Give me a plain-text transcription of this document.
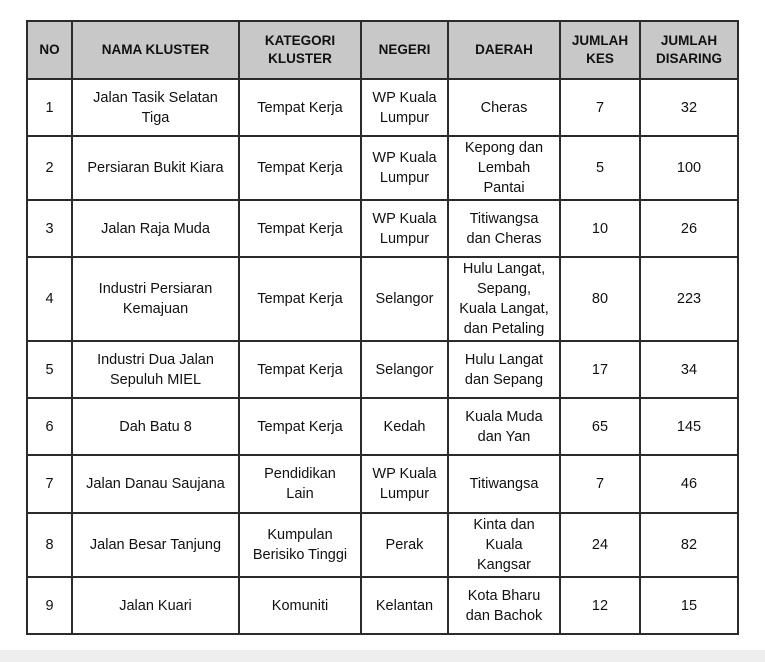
NO	NAMA KLUSTER	KATEGORI
KLUSTER	NEGERI	DAERAH	JUMLAH
KES	JUMLAH
DISARING
1	Jalan Tasik Selatan
Tiga	Tempat Kerja	WP Kuala
Lumpur	Cheras	7	32
2	Persiaran Bukit Kiara	Tempat Kerja	WP Kuala
Lumpur	Kepong dan
Lembah
Pantai	5	100
3	Jalan Raja Muda	Tempat Kerja	WP Kuala
Lumpur	Titiwangsa
dan Cheras	10	26
4	Industri Persiaran
Kemajuan	Tempat Kerja	Selangor	Hulu Langat,
Sepang,
Kuala Langat,
dan Petaling	80	223
5	Industri Dua Jalan
Sepuluh MIEL	Tempat Kerja	Selangor	Hulu Langat
dan Sepang	17	34
6	Dah Batu 8	Tempat Kerja	Kedah	Kuala Muda
dan Yan	65	145
7	Jalan Danau Saujana	Pendidikan
Lain	WP Kuala
Lumpur	Titiwangsa	7	46
8	Jalan Besar Tanjung	Kumpulan
Berisiko Tinggi	Perak	Kinta dan
Kuala
Kangsar	24	82
9	Jalan Kuari	Komuniti	Kelantan	Kota Bharu
dan Bachok	12	15
